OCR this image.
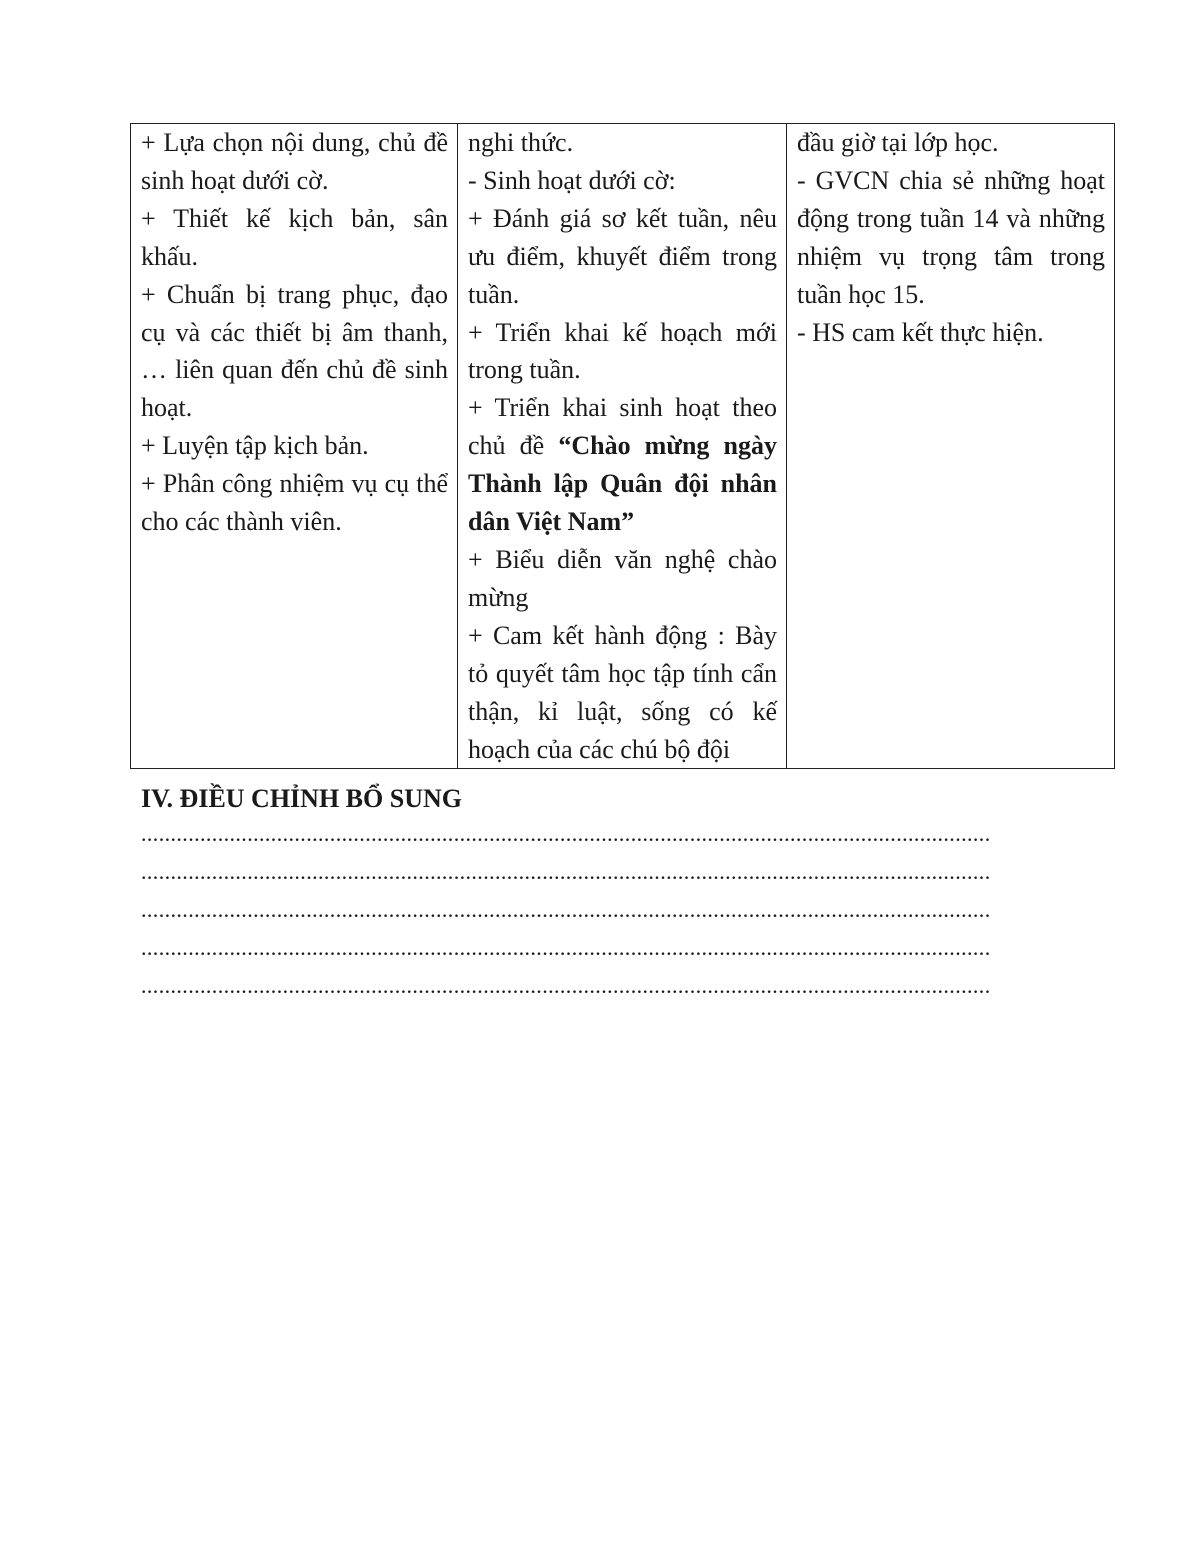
+ Lựa chọn nội dung, chủ đề sinh hoạt dưới cờ.
+ Thiết kế kịch bản, sân khấu.
+ Chuẩn bị trang phục, đạo cụ và các thiết bị âm thanh, … liên quan đến chủ đề sinh hoạt.
+ Luyện tập kịch bản.
+ Phân công nhiệm vụ cụ thể cho các thành viên.

nghi thức.
- Sinh hoạt dưới cờ:
+ Đánh giá sơ kết tuần, nêu ưu điểm, khuyết điểm trong tuần.
+ Triển khai kế hoạch mới trong tuần.
+ Triển khai sinh hoạt theo chủ đề “Chào mừng ngày Thành lập Quân đội nhân dân Việt Nam”
+ Biểu diễn văn nghệ chào mừng
+ Cam kết hành động : Bày tỏ quyết tâm học tập tính cẩn thận, kỉ luật, sống có kế hoạch của các chú bộ đội

đầu giờ tại lớp học.
- GVCN chia sẻ những hoạt động trong tuần 14 và những nhiệm vụ trọng tâm trong tuần học 15.
- HS cam kết thực hiện.
IV. ĐIỀU CHỈNH BỔ SUNG
................................................................................................................................................
................................................................................................................................................
................................................................................................................................................
................................................................................................................................................
................................................................................................................................................
